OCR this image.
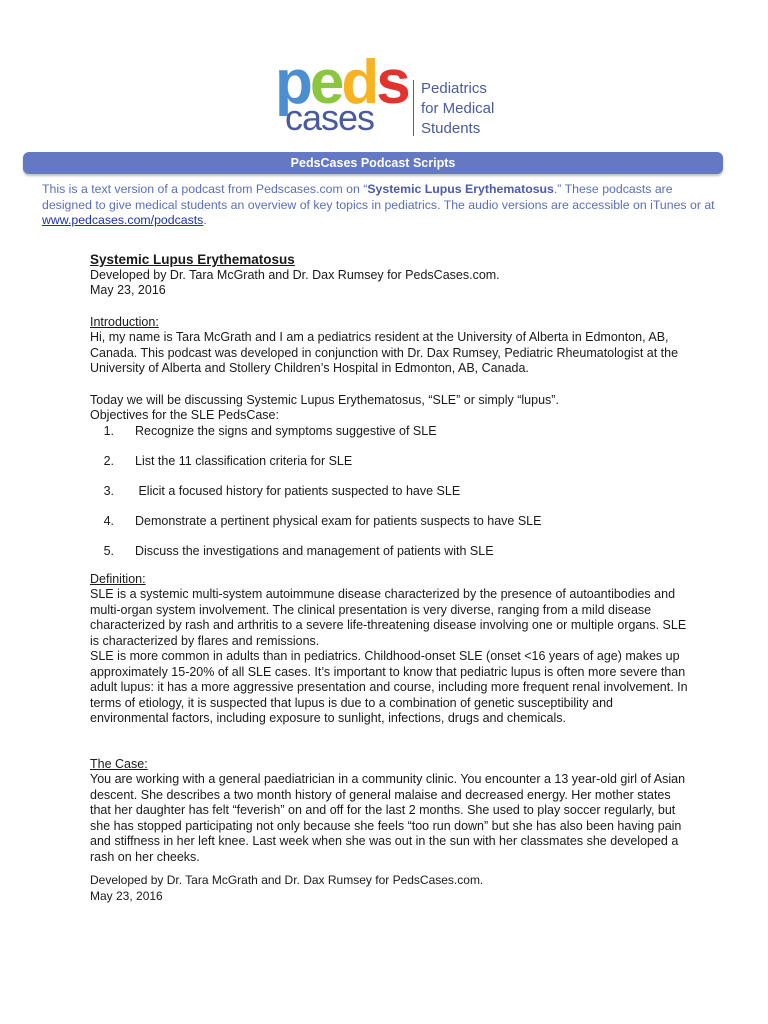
peds
cases
Pediatrics
for Medical
Students
PedsCases Podcast Scripts
This is a text version of a podcast from Pedscases.com on “Systemic Lupus Erythematosus.” These podcasts are designed to give medical students an overview of key topics in pediatrics. The audio versions are accessible on iTunes or at www.pedcases.com/podcasts.

Systemic Lupus Erythematosus

Developed by Dr. Tara McGrath and Dr. Dax Rumsey for PedsCases.com.

May 23, 2016

Introduction:

Hi, my name is Tara McGrath and I am a pediatrics resident at the University of Alberta in Edmonton, AB, Canada. This podcast was developed in conjunction with Dr. Dax Rumsey, Pediatric Rheumatologist at the University of Alberta and Stollery Children’s Hospital in Edmonton, AB, Canada.

Today we will be discussing Systemic Lupus Erythematosus, “SLE” or simply “lupus”.

Objectives for the SLE PedsCase:

1.	Recognize the signs and symptoms suggestive of SLE
2.	List the 11 classification criteria for SLE
3.	Elicit a focused history for patients suspected to have SLE
4.	Demonstrate a pertinent physical exam for patients suspects to have SLE
5.	Discuss the investigations and management of patients with SLE

Definition:

SLE is a systemic multi-system autoimmune disease characterized by the presence of autoantibodies and multi-organ system involvement. The clinical presentation is very diverse, ranging from a mild disease characterized by rash and arthritis to a severe life-threatening disease involving one or multiple organs. SLE is characterized by flares and remissions.

SLE is more common in adults than in pediatrics. Childhood-onset SLE (onset <16 years of age) makes up approximately 15-20% of all SLE cases. It’s important to know that pediatric lupus is often more severe than adult lupus: it has a more aggressive presentation and course, including more frequent renal involvement. In terms of etiology, it is suspected that lupus is due to a combination of genetic susceptibility and environmental factors, including exposure to sunlight, infections, drugs and chemicals.

The Case:

You are working with a general paediatrician in a community clinic. You encounter a 13 year-old girl of Asian descent. She describes a two month history of general malaise and decreased energy. Her mother states that her daughter has felt “feverish” on and off for the last 2 months. She used to play soccer regularly, but she has stopped participating not only because she feels “too run down” but she has also been having pain and stiffness in her left knee. Last week when she was out in the sun with her classmates she developed a rash on her cheeks.

Developed by Dr. Tara McGrath and Dr. Dax Rumsey for PedsCases.com.

May 23, 2016
